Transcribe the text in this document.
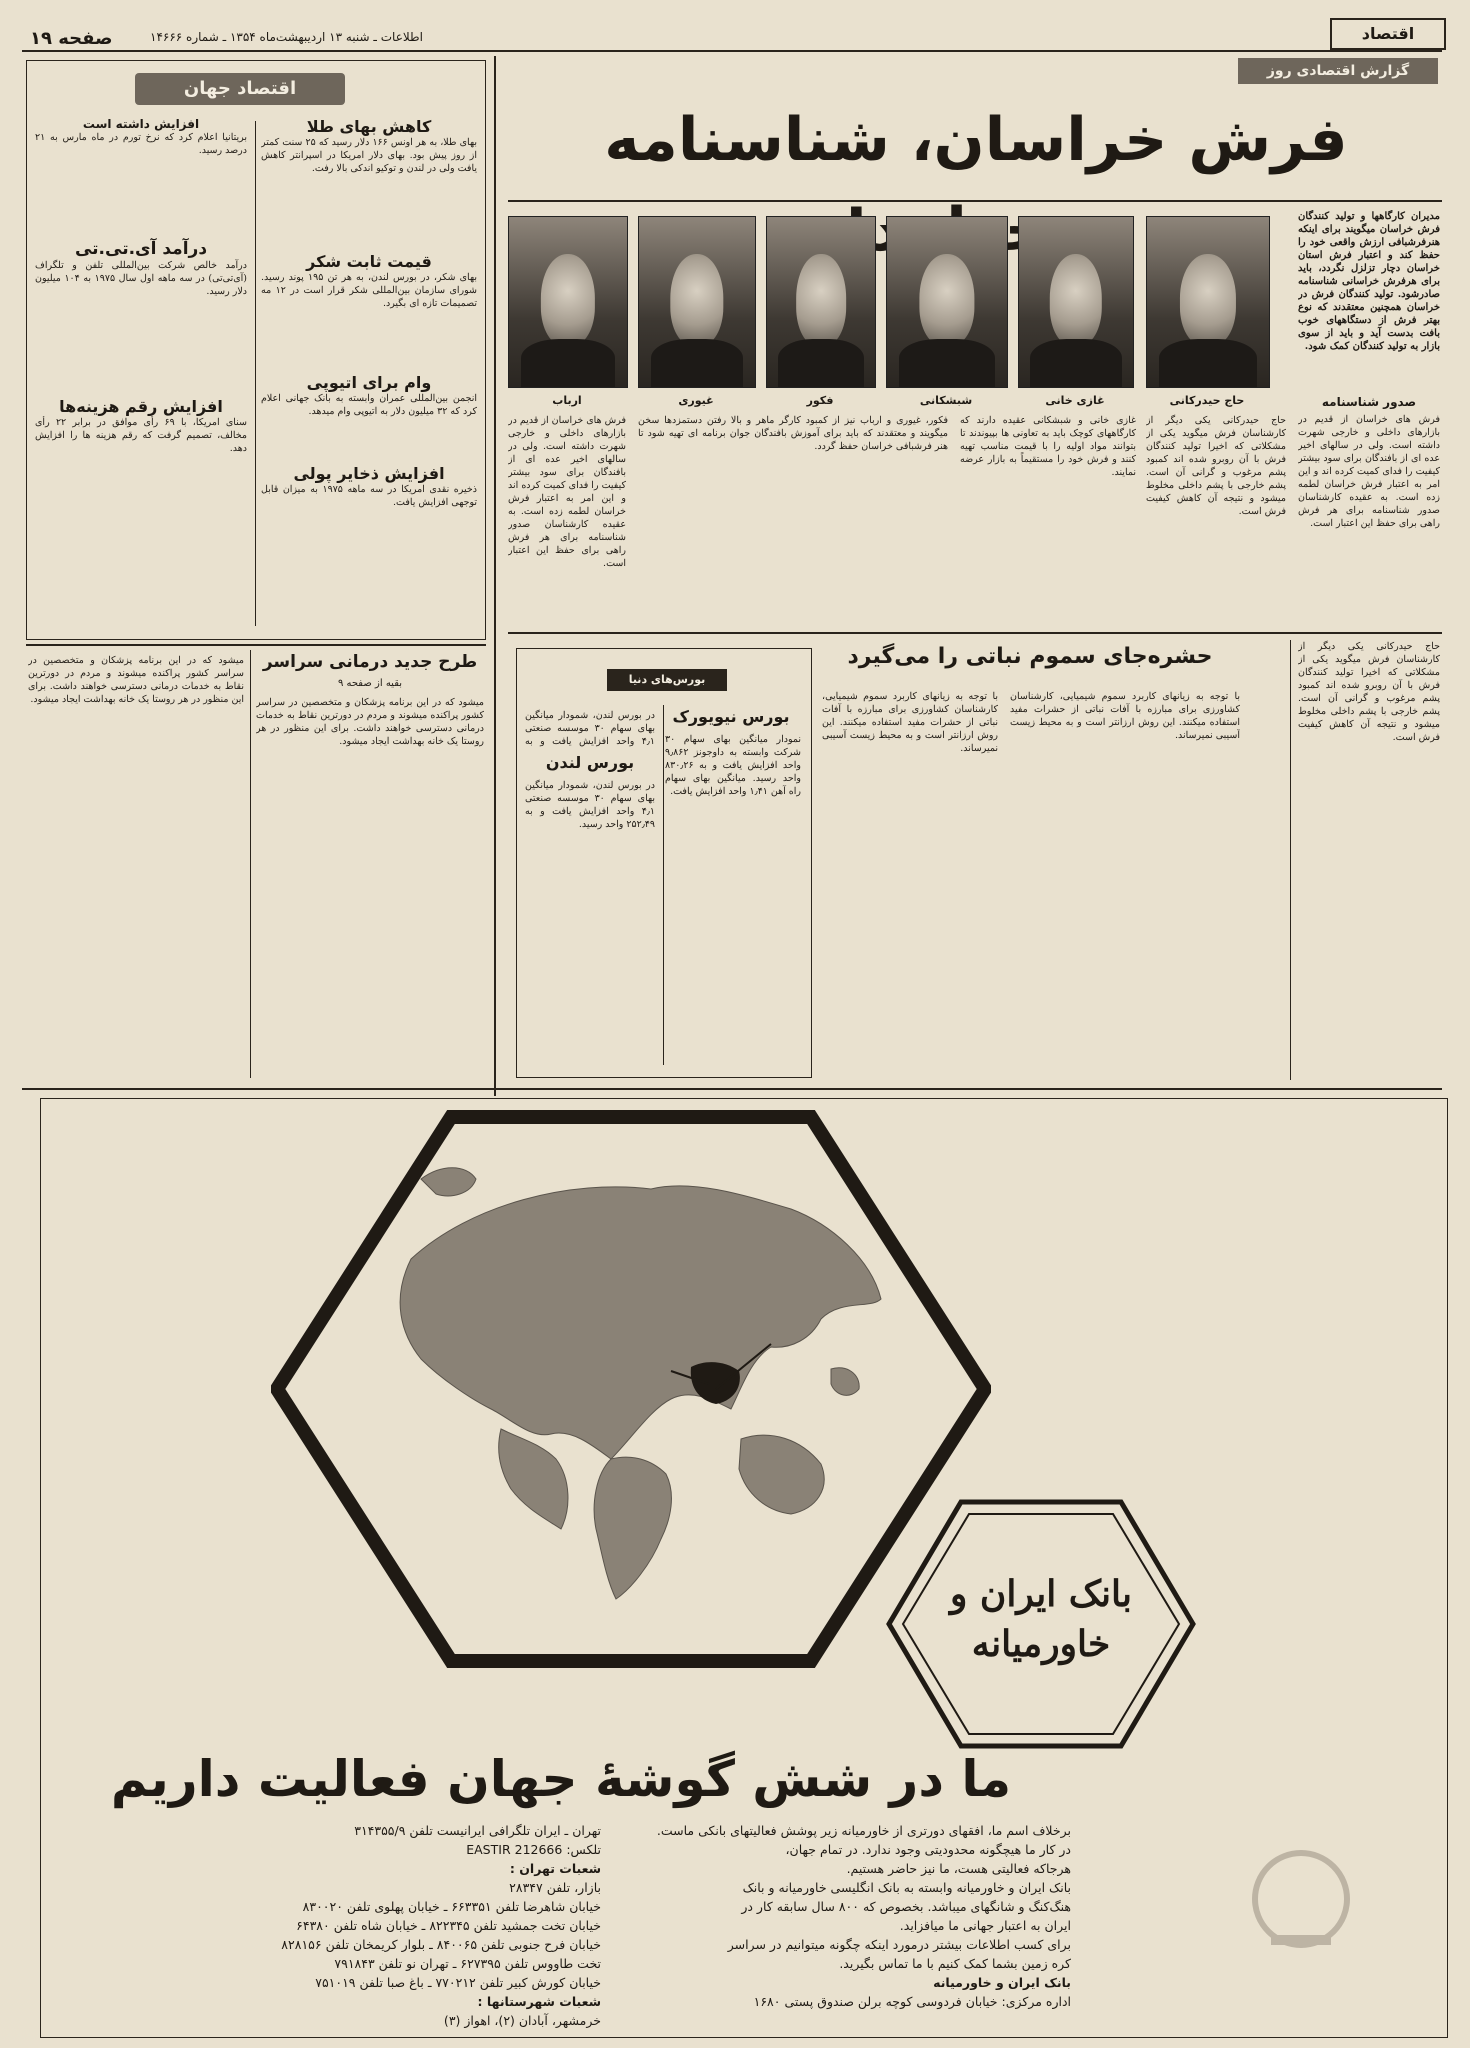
صفحه ۱۹	اطلاعات ـ شنبه ۱۳ اردیبهشت‌ماه ۱۳۵۴ ـ شماره ۱۴۶۶۶	اقتصاد
اقتصاد جهان
کاهش بهای طلا
بهای طلا، به هر اونس ۱۶۶ دلار رسید که ۲۵ سنت کمتر از روز پیش بود. بهای دلار امریکا در اسپرانتر کاهش یافت ولی در لندن و توکیو اندکی بالا رفت.
قیمت ثابت شکر
بهای شکر، در بورس لندن، به هر تن ۱۹۵ پوند رسید. شورای سازمان بین‌المللی شکر قرار است در ۱۲ مه تصمیمات تازه ای بگیرد.
وام برای اتیوپی
انجمن بین‌المللی عمران وابسته به بانک جهانی اعلام کرد که ۳۲ میلیون دلار به اتیوپی وام میدهد.
افزایش ذخایر پولی
ذخیره نقدی امریکا در سه ماهه ۱۹۷۵ به میزان قابل توجهی افزایش یافت.
افزایش داشته است
بریتانیا اعلام کرد که نرخ تورم در ماه مارس به ۲۱ درصد رسید.
درآمد آی.تی.تی
درآمد خالص شرکت بین‌المللی تلفن و تلگراف (آی‌تی‌تی) در سه ماهه اول سال ۱۹۷۵ به ۱۰۴ میلیون دلار رسید.
افزایش رقم هزینه‌ها
سنای امریکا، با ۶۹ رأی موافق در برابر ۲۲ رأی مخالف، تصمیم گرفت که رقم هزینه ها را افزایش دهد.
گزارش اقتصادی روز
فرش خراسان، شناسنامه
مدیران کارگاهها و تولید کنندگان فرش خراسان میگویند برای اینکه هنرفرشبافی ارزش واقعی خود را حفظ کند و اعتبار فرش استان خراسان دچار تزلزل نگردد، باید برای هرفرش خراسانی شناسنامه صادرشود. تولید کنندگان فرش در خراسان همچنین معتقدند که نوع بهتر فرش از دستگاههای خوب بافت بدست آید و باید از سوی بازار به تولید کنندگان کمک شود.
حاج حیدرکانی
غازی خانی
شبشکانی
فکور
غیوری
ارباب	صدور شناسنامه
فرش های خراسان از قدیم در بازارهای داخلی و خارجی شهرت داشته است. ولی در سالهای اخیر عده ای از بافندگان برای سود بیشتر کیفیت را فدای کمیت کرده اند و این امر به اعتبار فرش خراسان لطمه زده است. به عقیده کارشناسان صدور شناسنامه برای هر فرش راهی برای حفظ این اعتبار است.
حاج حیدرکانی یکی دیگر از کارشناسان فرش میگوید یکی از مشکلاتی که اخیرا تولید کنندگان فرش با آن روبرو شده اند کمبود پشم مرغوب و گرانی آن است. پشم خارجی با پشم داخلی مخلوط میشود و نتیجه آن کاهش کیفیت فرش است.
غازی خانی و شبشکانی عقیده دارند که کارگاههای کوچک باید به تعاونی ها بپیوندند تا بتوانند مواد اولیه را با قیمت مناسب تهیه کنند و فرش خود را مستقیماً به بازار عرضه نمایند.
فکور، غیوری و ارباب نیز از کمبود کارگر ماهر و بالا رفتن دستمزدها سخن میگویند و معتقدند که باید برای آموزش بافندگان جوان برنامه ای تهیه شود تا هنر فرشبافی خراسان حفظ گردد.
فرش های خراسان از قدیم در بازارهای داخلی و خارجی شهرت داشته است. ولی در سالهای اخیر عده ای از بافندگان برای سود بیشتر کیفیت را فدای کمیت کرده اند و این امر به اعتبار فرش خراسان لطمه زده است. به عقیده کارشناسان صدور شناسنامه برای هر فرش راهی برای حفظ این اعتبار است.
حشره‌جای سموم نباتی را می‌گیرد
با توجه به زیانهای کاربرد سموم شیمیایی، کارشناسان کشاورزی برای مبارزه با آفات نباتی از حشرات مفید استفاده میکنند. این روش ارزانتر است و به محیط زیست آسیبی نمیرساند.
با توجه به زیانهای کاربرد سموم شیمیایی، کارشناسان کشاورزی برای مبارزه با آفات نباتی از حشرات مفید استفاده میکنند. این روش ارزانتر است و به محیط زیست آسیبی نمیرساند.
حاج حیدرکانی یکی دیگر از کارشناسان فرش میگوید یکی از مشکلاتی که اخیرا تولید کنندگان فرش با آن روبرو شده اند کمبود پشم مرغوب و گرانی آن است. پشم خارجی با پشم داخلی مخلوط میشود و نتیجه آن کاهش کیفیت فرش است.
بورس‌های دنیا
بورس نیویورک
نمودار میانگین بهای سهام ۳۰ شرکت وابسته به داوجونز ۹٫۸۶۲ واحد افزایش یافت و به ۸۳۰٫۲۶ واحد رسید. میانگین بهای سهام راه آهن ۱٫۴۱ واحد افزایش یافت.
در بورس لندن، شمودار میانگین بهای سهام ۳۰ موسسه صنعتی ۴٫۱ واحد افزایش یافت و به
بورس لندن
در بورس لندن، شمودار میانگین بهای سهام ۳۰ موسسه صنعتی ۴٫۱ واحد افزایش یافت و به ۲۵۲٫۴۹ واحد رسید.
طرح جدید درمانی سراسر
بقیه از صفحه ۹
میشود که در این برنامه پزشکان و متخصصین در سراسر کشور پراکنده میشوند و مردم در دورترین نقاط به خدمات درمانی دسترسی خواهند داشت. برای این منظور در هر روستا یک خانه بهداشت ایجاد میشود.
میشود که در این برنامه پزشکان و متخصصین در سراسر کشور پراکنده میشوند و مردم در دورترین نقاط به خدمات درمانی دسترسی خواهند داشت. برای این منظور در هر روستا یک خانه بهداشت ایجاد میشود.
بانک ایران و خاورمیانه
ما در شش گوشهٔ جهان فعالیت داریم
برخلاف اسم ما، افقهای دورتری از خاورمیانه زیر پوشش فعالیتهای بانکی ماست.
در کار ما هیچگونه محدودیتی وجود ندارد. در تمام جهان،
هرجاکه فعالیتی هست، ما نیز حاضر هستیم.
بانک ایران و خاورمیانه وابسته به بانک انگلیسی خاورمیانه و بانک
هنگ‌کنگ و شانگهای میباشد. بخصوص که ۸۰۰ سال سابقه کار در
ایران به اعتبار جهانی ما میافزاید.
برای کسب اطلاعات بیشتر درمورد اینکه چگونه میتوانیم در سراسر
کره زمین بشما کمک کنیم با ما تماس بگیرید.
بانک ایران و خاورمیانه
اداره مرکزی: خیابان فردوسی کوچه برلن صندوق پستی ۱۶۸۰
تهران ـ ایران تلگرافی ایرانیست تلفن ۳۱۴۳۵۵/۹
تلکس: 212666 EASTIR
شعبات تهران :
بازار، تلفن ۲۸۳۴۷
خیابان شاهرضا تلفن ۶۶۳۳۵۱ ـ خیابان پهلوی تلفن ۸۳۰۰۲۰
خیابان تخت جمشید تلفن ۸۲۲۳۴۵ ـ خیابان شاه تلفن ۶۴۳۸۰
خیابان فرح جنوبی تلفن ۸۴۰۰۶۵ ـ بلوار کریمخان تلفن ۸۲۸۱۵۶
تخت طاووس تلفن ۶۲۷۳۹۵ ـ تهران نو تلفن ۷۹۱۸۴۳
خیابان کورش کبیر تلفن ۷۷۰۲۱۲ ـ باغ صبا تلفن ۷۵۱۰۱۹
شعبات شهرستانها :
خرمشهر، آبادان (۲)، اهواز (۳)
